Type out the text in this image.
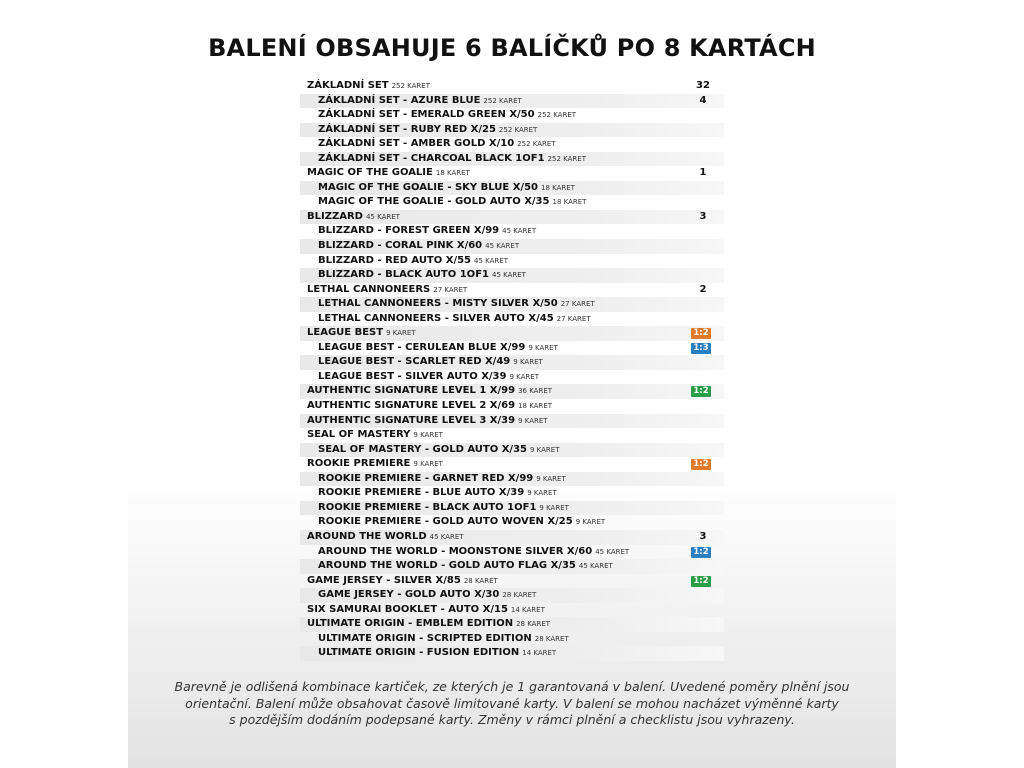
BALENÍ OBSAHUJE 6 BALÍČKŮ PO 8 KARTÁCH
ZÁKLADNÍ SET 252 KARET	32
ZÁKLADNÍ SET - AZURE BLUE 252 KARET	4
ZÁKLADNÍ SET - EMERALD GREEN X/50 252 KARET
ZÁKLADNÍ SET - RUBY RED X/25 252 KARET
ZÁKLADNÍ SET - AMBER GOLD X/10 252 KARET
ZÁKLADNÍ SET - CHARCOAL BLACK 1OF1 252 KARET
MAGIC OF THE GOALIE 18 KARET	1
MAGIC OF THE GOALIE - SKY BLUE X/50 18 KARET
MAGIC OF THE GOALIE - GOLD AUTO X/35 18 KARET
BLIZZARD 45 KARET	3
BLIZZARD - FOREST GREEN X/99 45 KARET
BLIZZARD - CORAL PINK X/60 45 KARET
BLIZZARD - RED AUTO X/55 45 KARET
BLIZZARD - BLACK AUTO 1OF1 45 KARET
LETHAL CANNONEERS 27 KARET	2
LETHAL CANNONEERS - MISTY SILVER X/50 27 KARET
LETHAL CANNONEERS - SILVER AUTO X/45 27 KARET
LEAGUE BEST 9 KARET	1:2
LEAGUE BEST - CERULEAN BLUE X/99 9 KARET	1:3
LEAGUE BEST - SCARLET RED X/49 9 KARET
LEAGUE BEST - SILVER AUTO X/39 9 KARET
AUTHENTIC SIGNATURE LEVEL 1 X/99 36 KARET	1:2
AUTHENTIC SIGNATURE LEVEL 2 X/69 18 KARET
AUTHENTIC SIGNATURE LEVEL 3 X/39 9 KARET
SEAL OF MASTERY 9 KARET
SEAL OF MASTERY - GOLD AUTO X/35 9 KARET
ROOKIE PREMIERE 9 KARET	1:2
ROOKIE PREMIERE - GARNET RED X/99 9 KARET
ROOKIE PREMIERE - BLUE AUTO X/39 9 KARET
ROOKIE PREMIERE - BLACK AUTO 1OF1 9 KARET
ROOKIE PREMIERE - GOLD AUTO WOVEN X/25 9 KARET
AROUND THE WORLD 45 KARET	3
AROUND THE WORLD - MOONSTONE SILVER X/60 45 KARET	1:2
AROUND THE WORLD - GOLD AUTO FLAG X/35 45 KARET
GAME JERSEY - SILVER X/85 28 KARET	1:2
GAME JERSEY - GOLD AUTO X/30 28 KARET
SIX SAMURAI BOOKLET - AUTO X/15 14 KARET
ULTIMATE ORIGIN - EMBLEM EDITION 28 KARET
ULTIMATE ORIGIN - SCRIPTED EDITION 28 KARET
ULTIMATE ORIGIN - FUSION EDITION 14 KARET
Barevně je odlišená kombinace kartiček, ze kterých je 1 garantovaná v balení. Uvedené poměry plnění jsou
orientační. Balení může obsahovat časově limitované karty. V balení se mohou nacházet výměnné karty
s pozdějším dodáním podepsané karty. Změny v rámci plnění a checklistu jsou vyhrazeny.
